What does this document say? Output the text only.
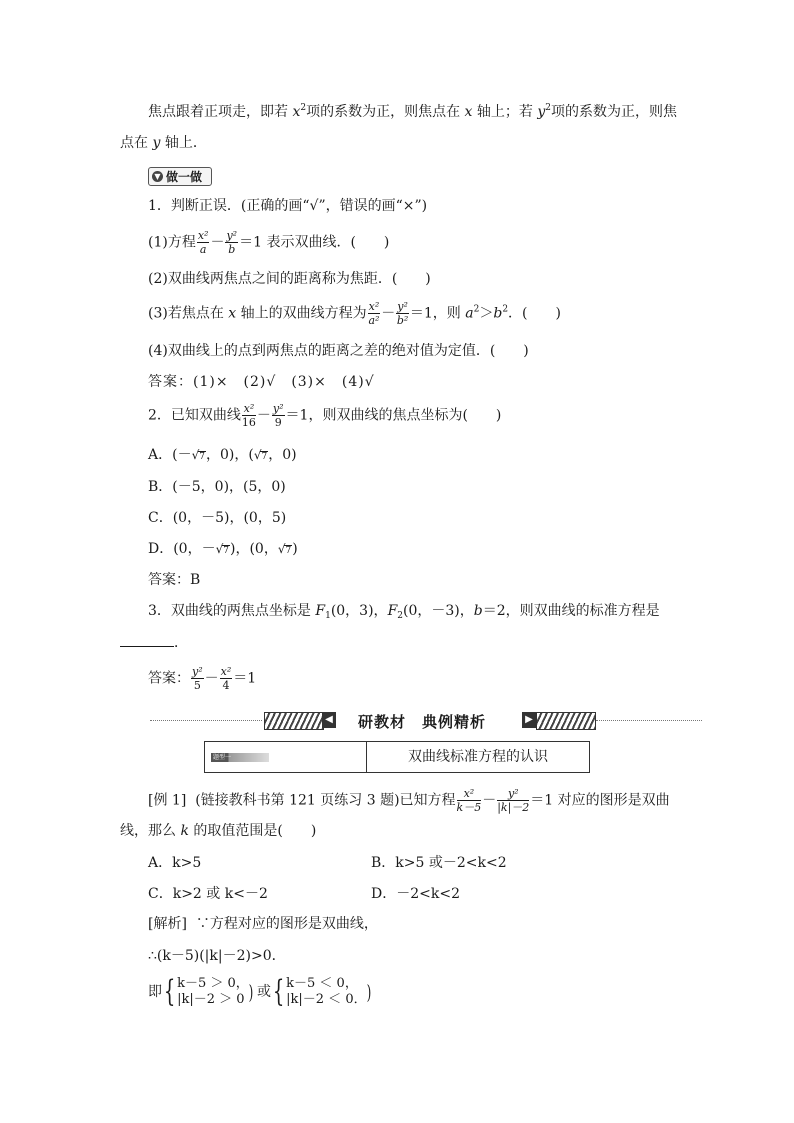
焦点跟着正项走，即若 $x^2$项的系数为正，则焦点在 x 轴上；若 $y^2$项的系数为正，则焦
点在 y 轴上．
▼ 做一做
1．判断正误．(正确的画“√”，错误的画“×”)
(1)方程 $\frac{\text{x²}}{a} - \frac{\text{y²}}{b} =1$ 表示双曲线．(　　)
(2)双曲线两焦点之间的距离称为焦距．(　　)
(3)若焦点在 x 轴上的双曲线方程为 $\frac{\text{x²}}{\text{a²}} - \frac{\text{y²}}{\text{b²}} =1$，则 $a^2>b^2$．(　　)
(4)双曲线上的点到两焦点的距离之差的绝对值为定值．(　　)
答案：(1)×　(2)√　(3)×　(4)√
2．已知双曲线 $\frac{\text{x²}}{16} - \frac{\text{y²}}{9} =1$，则双曲线的焦点坐标为(　　)
A．(－√7，0)，(√7，0)
B．(－5，0)，(5，0)
C．(0，－5)，(0，5)
D．(0，－√7)，(0，√7)
答案：B
3．双曲线的两焦点坐标是 $F_1(0$，3)，$F_2(0$，－3)，b＝2，则双曲线的标准方程是
．
答案： $\frac{\text{y²}}{5} - \frac{\text{x²}}{4} =1$
◀ 研教材　典例精析	▶
题型一	双曲线标准方程的认识
[例 1] (链接教科书第 121 页练习 3 题)已知方程 $\frac{\text{x²}}{k-5} - \frac{\text{y²}}{|k|-2} =1$ 对应的图形是双曲
线，那么 k 的取值范围是(　　)
A．k>5	B．k>5 或－2<k<2
C．k>2 或 k<－2	D．－2<k<2
[解析] ∵方程对应的图形是双曲线，
∴(k－5)(|k|－2)>0．
即{ k－5 ＞ 0，
|k|－2 ＞ 0 ) 或{ k－5 ＜ 0，
|k|－2 ＜ 0． )
